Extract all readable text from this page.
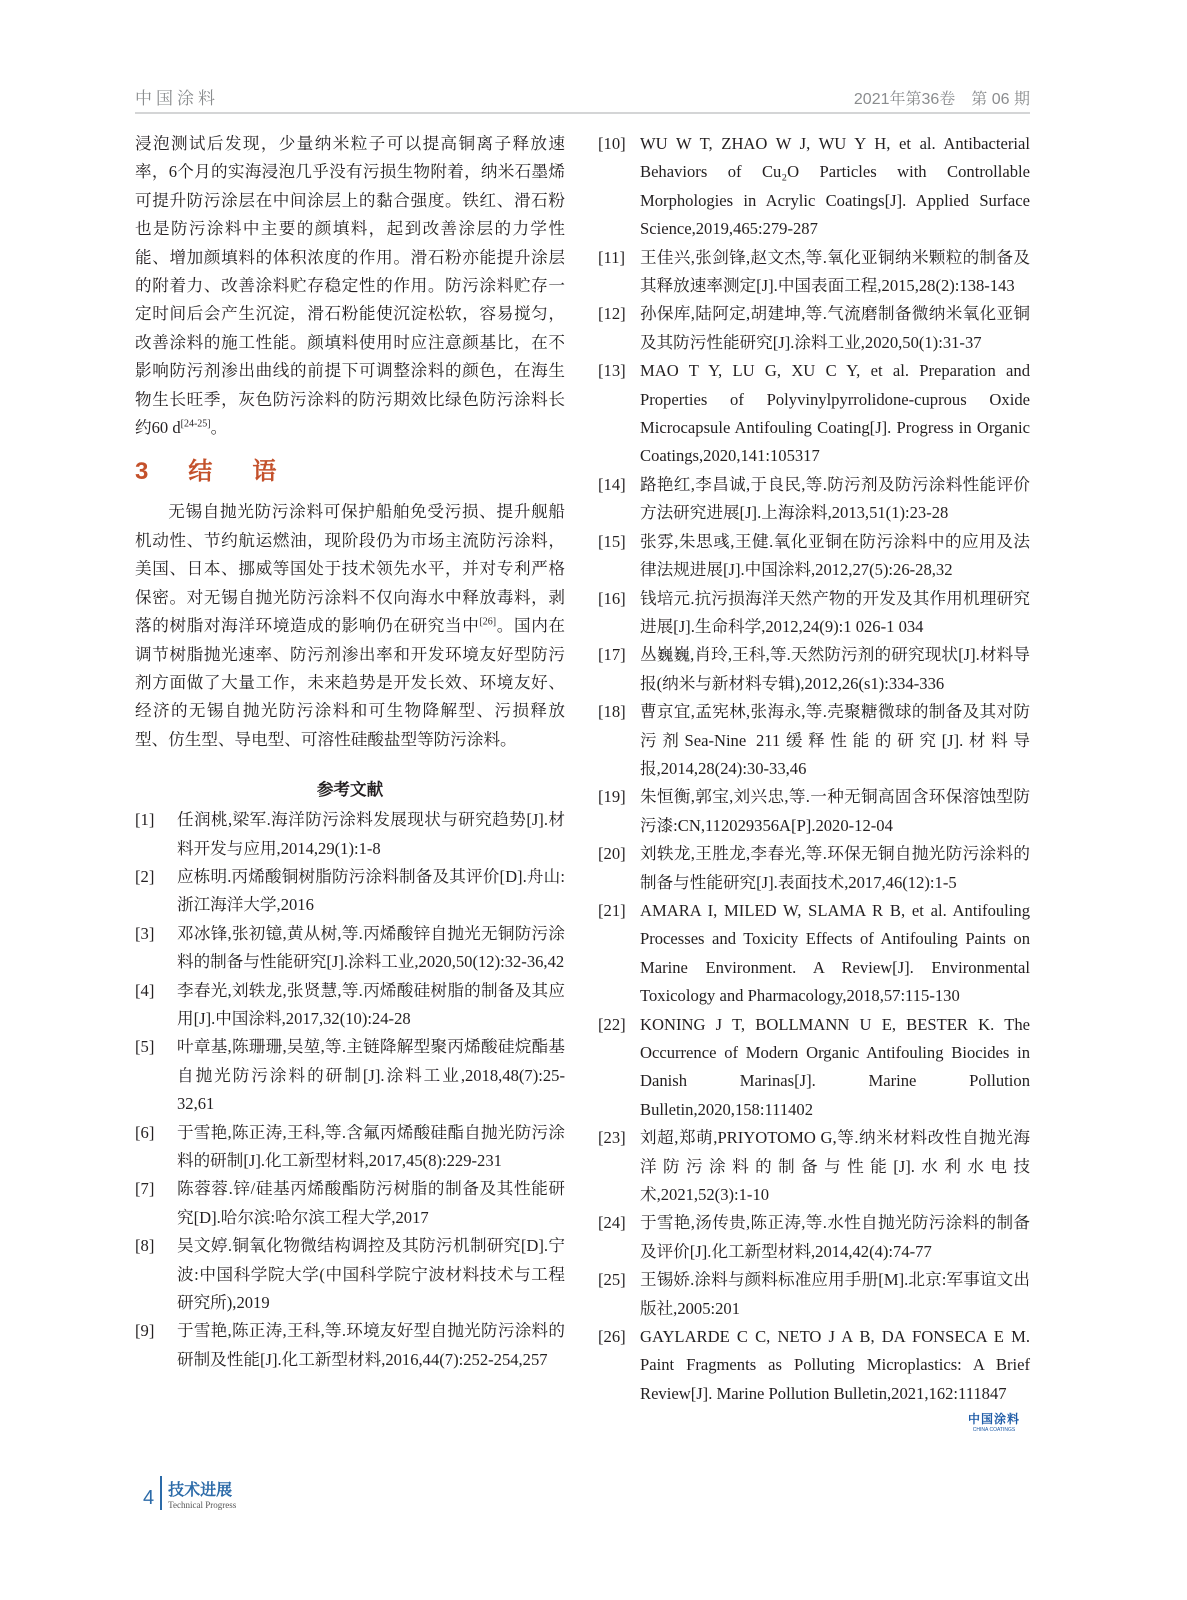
中国涂料	2021年第36卷　第 06 期

浸泡测试后发现，少量纳米粒子可以提高铜离子释放速率，6个月的实海浸泡几乎没有污损生物附着，纳米石墨烯可提升防污涂层在中间涂层上的黏合强度。铁红、滑石粉也是防污涂料中主要的颜填料，起到改善涂层的力学性能、增加颜填料的体积浓度的作用。滑石粉亦能提升涂层的附着力、改善涂料贮存稳定性的作用。防污涂料贮存一定时间后会产生沉淀，滑石粉能使沉淀松软，容易搅匀，改善涂料的施工性能。颜填料使用时应注意颜基比，在不影响防污剂渗出曲线的前提下可调整涂料的颜色，在海生物生长旺季，灰色防污涂料的防污期效比绿色防污涂料长约60 d[24-25]。

3　结　语

无锡自抛光防污涂料可保护船舶免受污损、提升舰船机动性、节约航运燃油，现阶段仍为市场主流防污涂料，美国、日本、挪威等国处于技术领先水平，并对专利严格保密。对无锡自抛光防污涂料不仅向海水中释放毒料，剥落的树脂对海洋环境造成的影响仍在研究当中[26]。国内在调节树脂抛光速率、防污剂渗出率和开发环境友好型防污剂方面做了大量工作，未来趋势是开发长效、环境友好、经济的无锡自抛光防污涂料和可生物降解型、污损释放型、仿生型、导电型、可溶性硅酸盐型等防污涂料。

参考文献
[1]	任润桃,梁军.海洋防污涂料发展现状与研究趋势[J].材料开发与应用,2014,29(1):1-8
[2]	应栋明.丙烯酸铜树脂防污涂料制备及其评价[D].舟山:浙江海洋大学,2016
[3]	邓冰锋,张初镱,黄从树,等.丙烯酸锌自抛光无铜防污涂料的制备与性能研究[J].涂料工业,2020,50(12):32-36,42
[4]	李春光,刘轶龙,张贤慧,等.丙烯酸硅树脂的制备及其应用[J].中国涂料,2017,32(10):24-28
[5]	叶章基,陈珊珊,吴堃,等.主链降解型聚丙烯酸硅烷酯基自抛光防污涂料的研制[J].涂料工业,2018,48(7):25-32,61
[6]	于雪艳,陈正涛,王科,等.含氟丙烯酸硅酯自抛光防污涂料的研制[J].化工新型材料,2017,45(8):229-231
[7]	陈蓉蓉.锌/硅基丙烯酸酯防污树脂的制备及其性能研究[D].哈尔滨:哈尔滨工程大学,2017
[8]	吴文婷.铜氧化物微结构调控及其防污机制研究[D].宁波:中国科学院大学(中国科学院宁波材料技术与工程研究所),2019
[9]	于雪艳,陈正涛,王科,等.环境友好型自抛光防污涂料的研制及性能[J].化工新型材料,2016,44(7):252-254,257
[10] WU W T, ZHAO W J, WU Y H, et al. Antibacterial Behaviors of Cu₂O Particles with Controllable Morphologies in Acrylic Coatings[J]. Applied Surface Science,2019,465:279-287
[11] 王佳兴,张剑锋,赵文杰,等.氧化亚铜纳米颗粒的制备及其释放速率测定[J].中国表面工程,2015,28(2):138-143
[12] 孙保库,陆阿定,胡建坤,等.气流磨制备微纳米氧化亚铜及其防污性能研究[J].涂料工业,2020,50(1):31-37
[13] MAO T Y, LU G, XU C Y, et al. Preparation and Properties of Polyvinylpyrrolidone-cuprous Oxide Microcapsule Antifouling Coating[J]. Progress in Organic Coatings,2020,141:105317
[14] 路艳红,李昌诚,于良民,等.防污剂及防污涂料性能评价方法研究进展[J].上海涂料,2013,51(1):23-28
[15] 张雰,朱思彧,王健.氧化亚铜在防污涂料中的应用及法律法规进展[J].中国涂料,2012,27(5):26-28,32
[16] 钱培元.抗污损海洋天然产物的开发及其作用机理研究进展[J].生命科学,2012,24(9):1 026-1 034
[17] 丛巍巍,肖玲,王科,等.天然防污剂的研究现状[J].材料导报(纳米与新材料专辑),2012,26(s1):334-336
[18] 曹京宜,孟宪林,张海永,等.壳聚糖微球的制备及其对防污剂Sea-Nine 211缓释性能的研究[J].材料导报,2014,28(24):30-33,46
[19] 朱恒衡,郭宝,刘兴忠,等.一种无铜高固含环保溶蚀型防污漆:CN,112029356A[P].2020-12-04
[20] 刘轶龙,王胜龙,李春光,等.环保无铜自抛光防污涂料的制备与性能研究[J].表面技术,2017,46(12):1-5
[21] AMARA I, MILED W, SLAMA R B, et al. Antifouling Processes and Toxicity Effects of Antifouling Paints on Marine Environment. A Review[J]. Environmental Toxicology and Pharmacology,2018,57:115-130
[22] KONING J T, BOLLMANN U E, BESTER K. The Occurrence of Modern Organic Antifouling Biocides in Danish Marinas[J]. Marine Pollution Bulletin,2020,158:111402
[23] 刘超,郑萌,PRIYOTOMO G,等.纳米材料改性自抛光海洋防污涂料的制备与性能[J].水利水电技术,2021,52(3):1-10
[24] 于雪艳,汤传贵,陈正涛,等.水性自抛光防污涂料的制备及评价[J].化工新型材料,2014,42(4):74-77
[25] 王锡娇.涂料与颜料标准应用手册[M].北京:军事谊文出版社,2005:201
[26] GAYLARDE C C, NETO J A B, DA FONSECA E M. Paint Fragments as Polluting Microplastics: A Brief Review[J]. Marine Pollution Bulletin,2021,162:111847
中国涂料
CHINA COATINGS
4 技术进展
Technical Progress
